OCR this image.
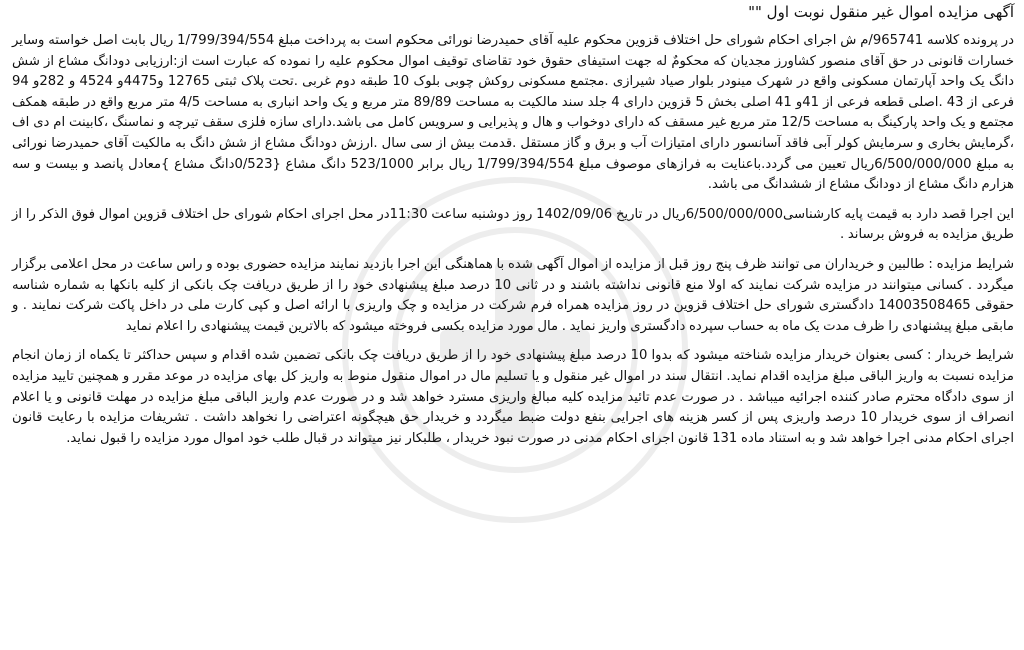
آگهی مزایده اموال غیر منقول نوبت اول ""

در پرونده کلاسه 965741/م ش اجرای احکام شورای حل اختلاف قزوین محکوم علیه آقای حمیدرضا نورائی محکوم است به پرداخت مبلغ 1/799/394/554 ریال بابت اصل خواسته وسایر خسارات قانونی در حق آقای منصور کشاورز مجدیان که محکومٌ له جهت استیفای حقوق خود تقاضای توقیف اموال محکوم علیه را نموده که عبارت است از:ارزیابی دودانگ مشاع از شش دانگ یک واحد آپارتمان مسکونی واقع در شهرک مینودر بلوار صیاد شیرازی .مجتمع مسکونی روکش چوبی بلوک 10 طبقه دوم غربی .تحت پلاک ثبتی 12765 و4475و 4524 و 282و 94 فرعی از 43 .اصلی قطعه فرعی از 41و 41 اصلی بخش 5 قزوین دارای 4 جلد سند مالکیت به مساحت 89/89 متر مربع و یک واحد انباری به مساحت 4/5 متر مربع واقع در طبقه همکف مجتمع و یک واحد پارکینگ به مساحت 12/5 متر مربع غیر مسقف که دارای دوخواب و هال و پذیرایی و سرویس کامل می باشد.دارای سازه فلزی سقف تیرچه و نماسنگ ،کابینت ام دی اف ،گرمایش بخاری و سرمایش کولر آبی فاقد آسانسور دارای امتیازات آب و برق و گاز مستقل .قدمت بیش از سی سال .ارزش دودانگ مشاع از شش دانگ به مالکیت آقای حمیدرضا نورائی به مبلغ 6/500/000/000ریال تعیین می گردد.باعنایت به فرازهای موصوف مبلغ 1/799/394/554 ریال برابر 523/1000 دانگ مشاع {0/523دانگ مشاع }معادل پانصد و بیست و سه هزارم دانگ مشاع از دودانگ مشاع از ششدانگ می باشد.

این اجرا قصد دارد به قیمت پایه کارشناسی6/500/000/000ریال در تاریخ 1402/09/06 روز دوشنبه ساعت 11:30در محل اجرای احکام شورای حل اختلاف قزوین اموال فوق الذکر را از طریق مزایده به فروش برساند .

شرایط مزایده : طالبین و خریداران می توانند ظرف پنج روز قبل از مزایده از اموال آگهی شده با هماهنگی این اجرا بازدید نمایند مزایده حضوری بوده و راس ساعت در محل اعلامی برگزار میگردد . کسانی میتوانند در مزایده شرکت نمایند که اولا منع قانونی نداشته باشند و در ثانی 10 درصد مبلغ پیشنهادی خود را از طریق دریافت چک بانکی از کلیه بانکها به شماره شناسه حقوقی 14003508465 دادگستری شورای حل اختلاف قزوین در روز مزایده همراه فرم شرکت در مزایده و چک واریزی با ارائه اصل و کپی کارت ملی در داخل پاکت شرکت نمایند . و مابقی مبلغ پیشنهادی را ظرف مدت یک ماه به حساب سپرده دادگستری واریز نماید . مال مورد مزایده بکسی فروخته میشود که بالاترین قیمت پیشنهادی را اعلام نماید

شرایط خریدار : کسی بعنوان خریدار مزایده شناخته میشود که بدوا 10 درصد مبلغ پیشنهادی خود را از طریق دریافت چک بانکی تضمین شده اقدام و سپس حداکثر تا یکماه از زمان انجام مزایده نسبت به واریز الباقی مبلغ مزایده اقدام نماید. انتقال سند در اموال غیر منقول و یا تسلیم مال در اموال منقول منوط به واریز کل بهای مزایده در موعد مقرر و همچنین تایید مزایده از سوی دادگاه محترم صادر کننده اجرائیه میباشد . در صورت عدم تائید مزایده کلیه مبالغ واریزی مسترد خواهد شد و در صورت عدم واریز الباقی مبلغ مزایده در مهلت قانونی و یا اعلام انصراف از سوی خریدار 10 درصد واریزی پس از کسر هزینه های اجرایی بنفع دولت ضبط میگردد و خریدار حق هیچگونه اعتراضی را نخواهد داشت . تشریفات مزایده با رعایت قانون اجرای احکام مدنی اجرا خواهد شد و به استناد ماده 131 قانون اجرای احکام مدنی در صورت نبود خریدار ، طلبکار نیز میتواند در قبال طلب خود اموال مورد مزایده را قبول نماید.
